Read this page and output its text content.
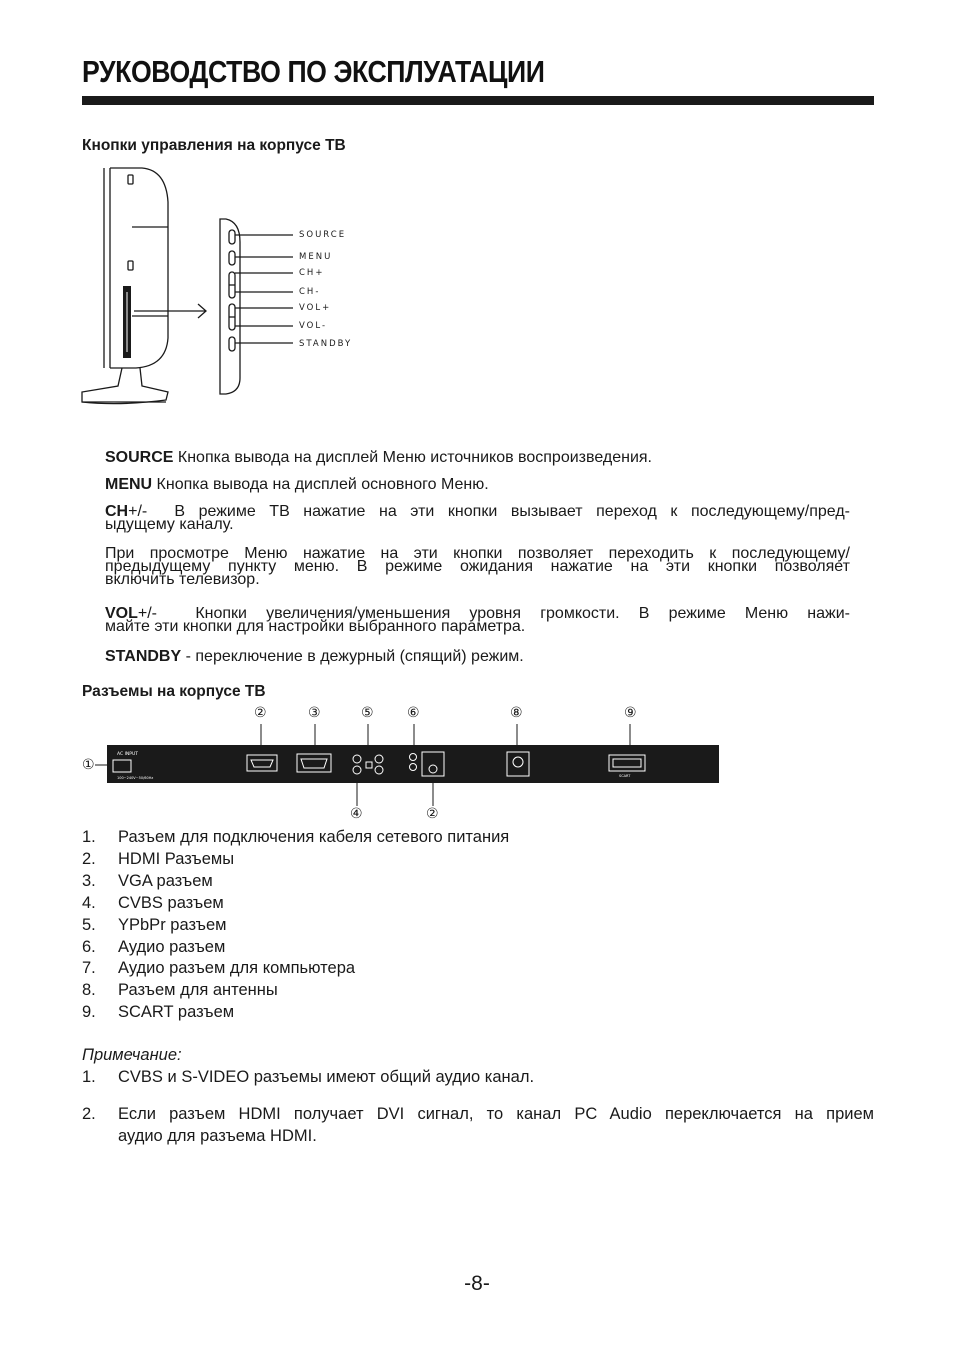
РУКОВОДСТВО ПО ЭКСПЛУАТАЦИИ
Кнопки управления на корпусе ТВ
SOURCE
MENU
CH+
CH-
VOL+
VOL-
STANDBY
SOURCE Кнопка вывода на дисплей Меню источников воспроизведения.
MENU Кнопка вывода на дисплей основного Меню.
CH+/- В режиме ТВ нажатие на эти кнопки вызывает переход к последующему/пред-
ыдущему каналу.
При просмотре Меню нажатие на эти кнопки позволяет переходить к последующему/
предыдущему пункту меню. В режиме ожидания нажатие на эти кнопки позволяет
включить телевизор.
VOL+/- Кнопки увеличения/уменьшения уровня громкости. В режиме Меню нажи-
майте эти кнопки для настройки выбранного параметра.
STANDBY - переключение в дежурный (спящий) режим.
Разъемы на корпусе ТВ
②	③	⑤ ⑥	⑧	⑨
①
AC INPUT
100~240V~50/60Hz	SCART
④	②
1.	Разъем для подключения кабеля сетевого питания
2.	HDMI Разъемы
3.	VGA разъем
4.	CVBS разъем
5.	YPbPr разъем
6.	Аудио разъем
7.	Аудио разъем для компьютера
8.	Разъем для антенны
9.	SCART разъем
Примечание:
1.	CVBS и S-VIDEO разъемы имеют общий аудио канал.
2.	Если разъем HDMI получает DVI сигнал, то канал PC Audio переключается на прием
аудио для разъема HDMI.
-8-
